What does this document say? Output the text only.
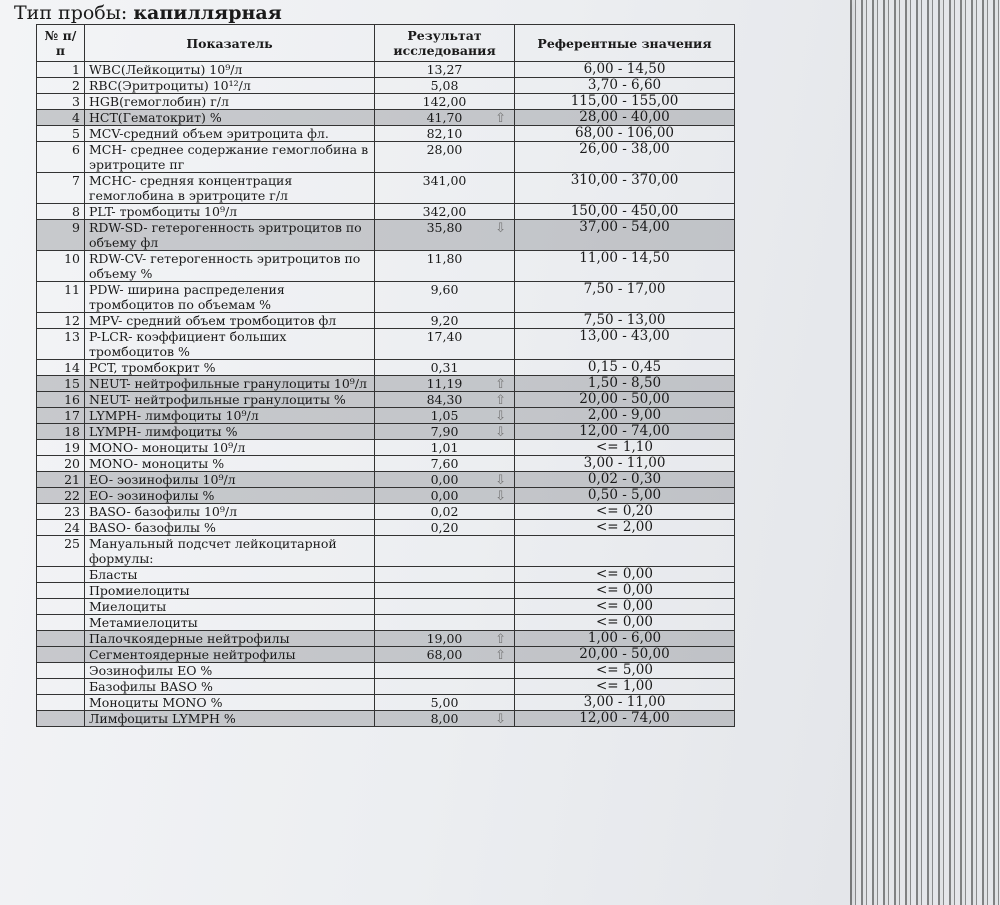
Тип пробы: капиллярная
№ п/п	Показатель	Результат исследования	Референтные значения
1	WBC(Лейкоциты) 10⁹/л	13,27	6,00 - 14,50
2	RBC(Эритроциты) 10¹²/л	5,08	3,70 - 6,60
3	HGB(гемоглобин) г/л	142,00	115,00 - 155,00
4	HCT(Гематокрит) %	41,70 ⇧	28,00 - 40,00
5	MCV-средний объем эритроцита фл.	82,10	68,00 - 106,00
6	MCH- среднее содержание гемоглобина в эритроците пг	28,00	26,00 - 38,00
7	MCHC- средняя концентрация гемоглобина в эритроците г/л	341,00	310,00 - 370,00
8	PLT- тромбоциты 10⁹/л	342,00	150,00 - 450,00
9	RDW-SD- гетерогенность эритроцитов по объему фл	35,80 ⇩	37,00 - 54,00
10	RDW-CV- гетерогенность эритроцитов по объему %	11,80	11,00 - 14,50
11	PDW- ширина распределения тромбоцитов по объемам %	9,60	7,50 - 17,00
12	MPV- средний объем тромбоцитов фл	9,20	7,50 - 13,00
13	P-LCR- коэффициент больших тромбоцитов %	17,40	13,00 - 43,00
14	PCT, тромбокрит %	0,31	0,15 - 0,45
15	NEUT- нейтрофильные гранулоциты 10⁹/л	11,19 ⇧	1,50 - 8,50
16	NEUT- нейтрофильные гранулоциты %	84,30 ⇧	20,00 - 50,00
17	LYMPH- лимфоциты 10⁹/л	1,05 ⇩	2,00 - 9,00
18	LYMPH- лимфоциты %	7,90 ⇩	12,00 - 74,00
19	MONO- моноциты 10⁹/л	1,01	<= 1,10
20	MONO- моноциты %	7,60	3,00 - 11,00
21	EO- эозинофилы 10⁹/л	0,00 ⇩	0,02 - 0,30
22	EO- эозинофилы %	0,00 ⇩	0,50 - 5,00
23	BASO- базофилы 10⁹/л	0,02	<= 0,20
24	BASO- базофилы %	0,20	<= 2,00
25	Мануальный подсчет лейкоцитарной формулы:		
	Бласты		<= 0,00
	Промиелоциты		<= 0,00
	Миелоциты		<= 0,00
	Метамиелоциты		<= 0,00
	Палочкоядерные нейтрофилы	19,00 ⇧	1,00 - 6,00
	Сегментоядерные нейтрофилы	68,00 ⇧	20,00 - 50,00
	Эозинофилы EO %		<= 5,00
	Базофилы BASO %		<= 1,00
	Моноциты MONO %	5,00	3,00 - 11,00
	Лимфоциты LYMPH %	8,00 ⇩	12,00 - 74,00
